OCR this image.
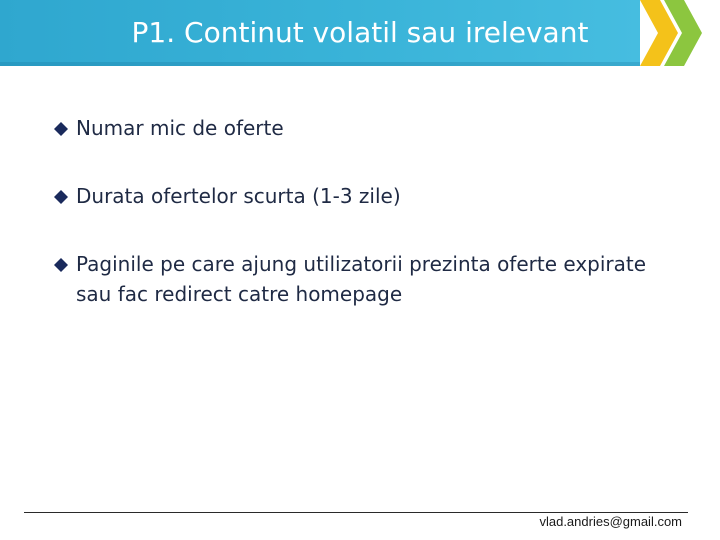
P1. Continut volatil sau irelevant
Numar mic de oferte
Durata ofertelor scurta (1-3 zile)
Paginile pe care ajung utilizatorii prezinta oferte expirate sau fac redirect catre homepage
vlad.andries@gmail.com
